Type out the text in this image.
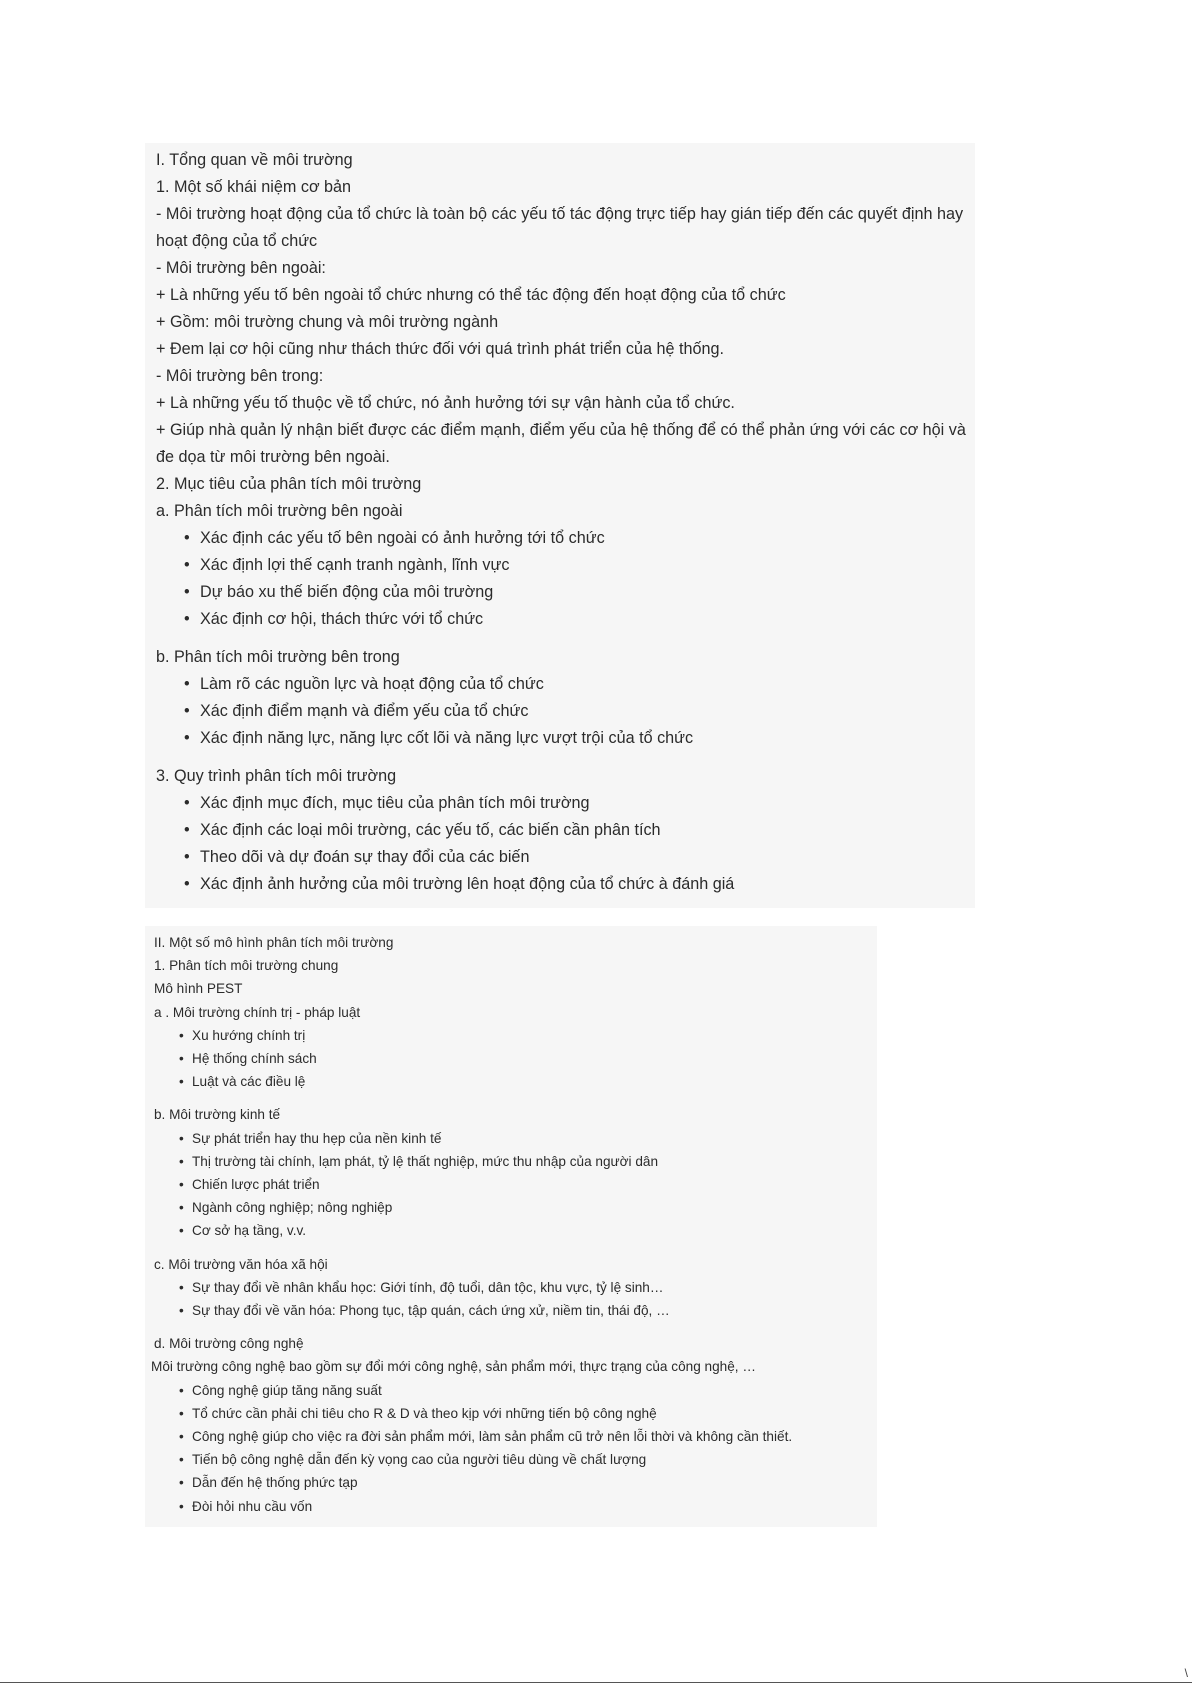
I. Tổng quan về môi trường

1. Một số khái niệm cơ bản

- Môi trường hoạt động của tổ chức là toàn bộ các yếu tố tác động trực tiếp hay gián tiếp đến các quyết định hay hoạt động của tổ chức

- Môi trường bên ngoài:

+ Là những yếu tố bên ngoài tổ chức nhưng có thể tác động đến hoạt động của tổ chức

+ Gồm: môi trường chung và môi trường ngành

+ Đem lại cơ hội cũng như thách thức đối với quá trình phát triển của hệ thống.

- Môi trường bên trong:

+ Là những yếu tố thuộc về tổ chức, nó ảnh hưởng tới sự vận hành của tổ chức.

+ Giúp nhà quản lý nhận biết được các điểm mạnh, điểm yếu của hệ thống để có thể phản ứng với các cơ hội và đe dọa từ môi trường bên ngoài.

2. Mục tiêu của phân tích môi trường

a. Phân tích môi trường bên ngoài

• Xác định các yếu tố bên ngoài có ảnh hưởng tới tổ chức
• Xác định lợi thế cạnh tranh ngành, lĩnh vực
• Dự báo xu thế biến động của môi trường
• Xác định cơ hội, thách thức với tổ chức

b. Phân tích môi trường bên trong

• Làm rõ các nguồn lực và hoạt động của tổ chức
• Xác định điểm mạnh và điểm yếu của tổ chức
• Xác định năng lực, năng lực cốt lõi và năng lực vượt trội của tổ chức

3. Quy trình phân tích môi trường

• Xác định mục đích, mục tiêu của phân tích môi trường
• Xác định các loại môi trường, các yếu tố, các biến cần phân tích
• Theo dõi và dự đoán sự thay đổi của các biến
• Xác định ảnh hưởng của môi trường lên hoạt động của tổ chức à đánh giá

II. Một số mô hình phân tích môi trường

1. Phân tích môi trường chung

Mô hình PEST

a . Môi trường chính trị - pháp luật

• Xu hướng chính trị
• Hệ thống chính sách
• Luật và các điều lệ

b. Môi trường kinh tế

• Sự phát triển hay thu hẹp của nền kinh tế
• Thị trường tài chính, lạm phát, tỷ lệ thất nghiệp, mức thu nhập của người dân
• Chiến lược phát triển
• Ngành công nghiệp; nông nghiệp
• Cơ sở hạ tầng, v.v.

c. Môi trường văn hóa xã hội

• Sự thay đổi về nhân khẩu học: Giới tính, độ tuổi, dân tộc, khu vực, tỷ lệ sinh…
• Sự thay đổi về văn hóa: Phong tục, tập quán, cách ứng xử, niềm tin, thái độ, …

d. Môi trường công nghệ

Môi trường công nghệ bao gồm sự đổi mới công nghệ, sản phẩm mới, thực trạng của công nghệ, …

• Công nghệ giúp tăng năng suất
• Tổ chức cần phải chi tiêu cho R & D và theo kịp với những tiến bộ công nghệ
• Công nghệ giúp cho việc ra đời sản phẩm mới, làm sản phẩm cũ trở nên lỗi thời và không cần thiết.
• Tiến bộ công nghệ dẫn đến kỳ vọng cao của người tiêu dùng về chất lượng
• Dẫn đến hệ thống phức tạp
• Đòi hỏi nhu cầu vốn
\
